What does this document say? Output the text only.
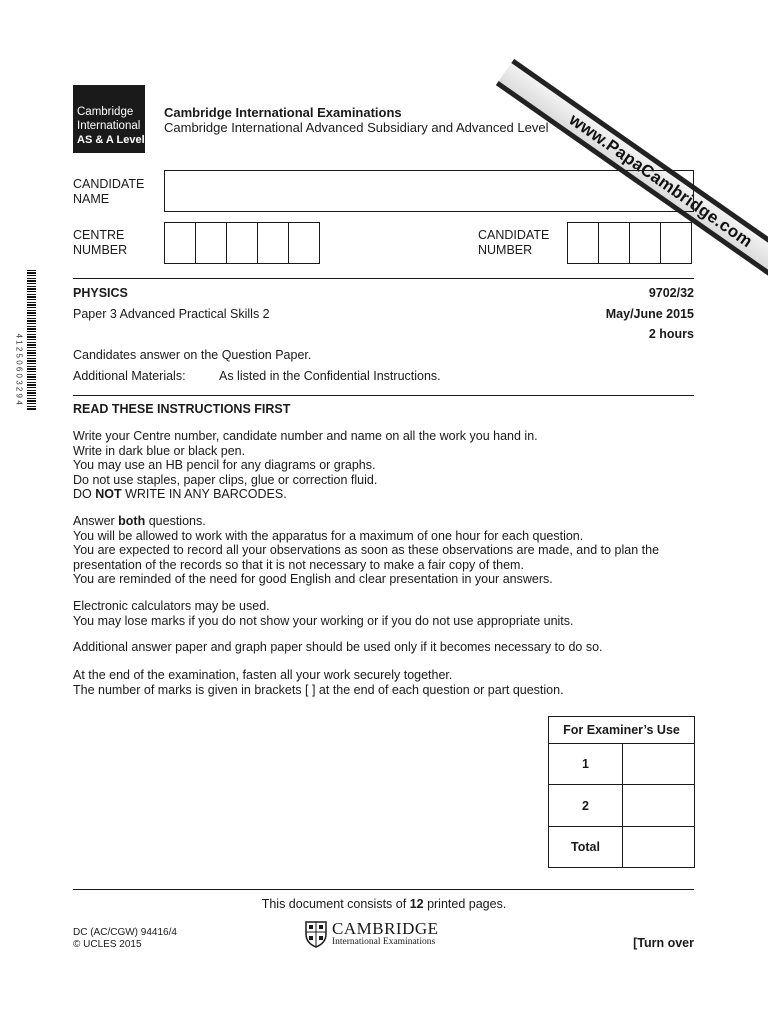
www.PapaCambridge.com
Cambridge
International
AS & A Level
Cambridge International Examinations
Cambridge International Advanced Subsidiary and Advanced Level
CANDIDATE
NAME
CENTRE
NUMBER
CANDIDATE
NUMBER
4 1 2 5 0 6 0 3 2 9 4
PHYSICS	9702/32
Paper 3 Advanced Practical Skills 2	May/June 2015
2 hours
Candidates answer on the Question Paper.
Additional Materials:	As listed in the Confidential Instructions.
READ THESE INSTRUCTIONS FIRST

Write your Centre number, candidate number and name on all the work you hand in.

Write in dark blue or black pen.

You may use an HB pencil for any diagrams or graphs.

Do not use staples, paper clips, glue or correction fluid.

DO NOT WRITE IN ANY BARCODES.

Answer both questions.

You will be allowed to work with the apparatus for a maximum of one hour for each question.

You are expected to record all your observations as soon as these observations are made, and to plan the

presentation of the records so that it is not necessary to make a fair copy of them.

You are reminded of the need for good English and clear presentation in your answers.

Electronic calculators may be used.

You may lose marks if you do not show your working or if you do not use appropriate units.

Additional answer paper and graph paper should be used only if it becomes necessary to do so.

At the end of the examination, fasten all your work securely together.

The number of marks is given in brackets [ ] at the end of each question or part question.

For Examiner’s Use	
1	
2	
Total	
This document consists of 12 printed pages.
DC (AC/CGW) 94416/4
© UCLES 2015
CAMBRIDGE
International Examinations	[Turn over
